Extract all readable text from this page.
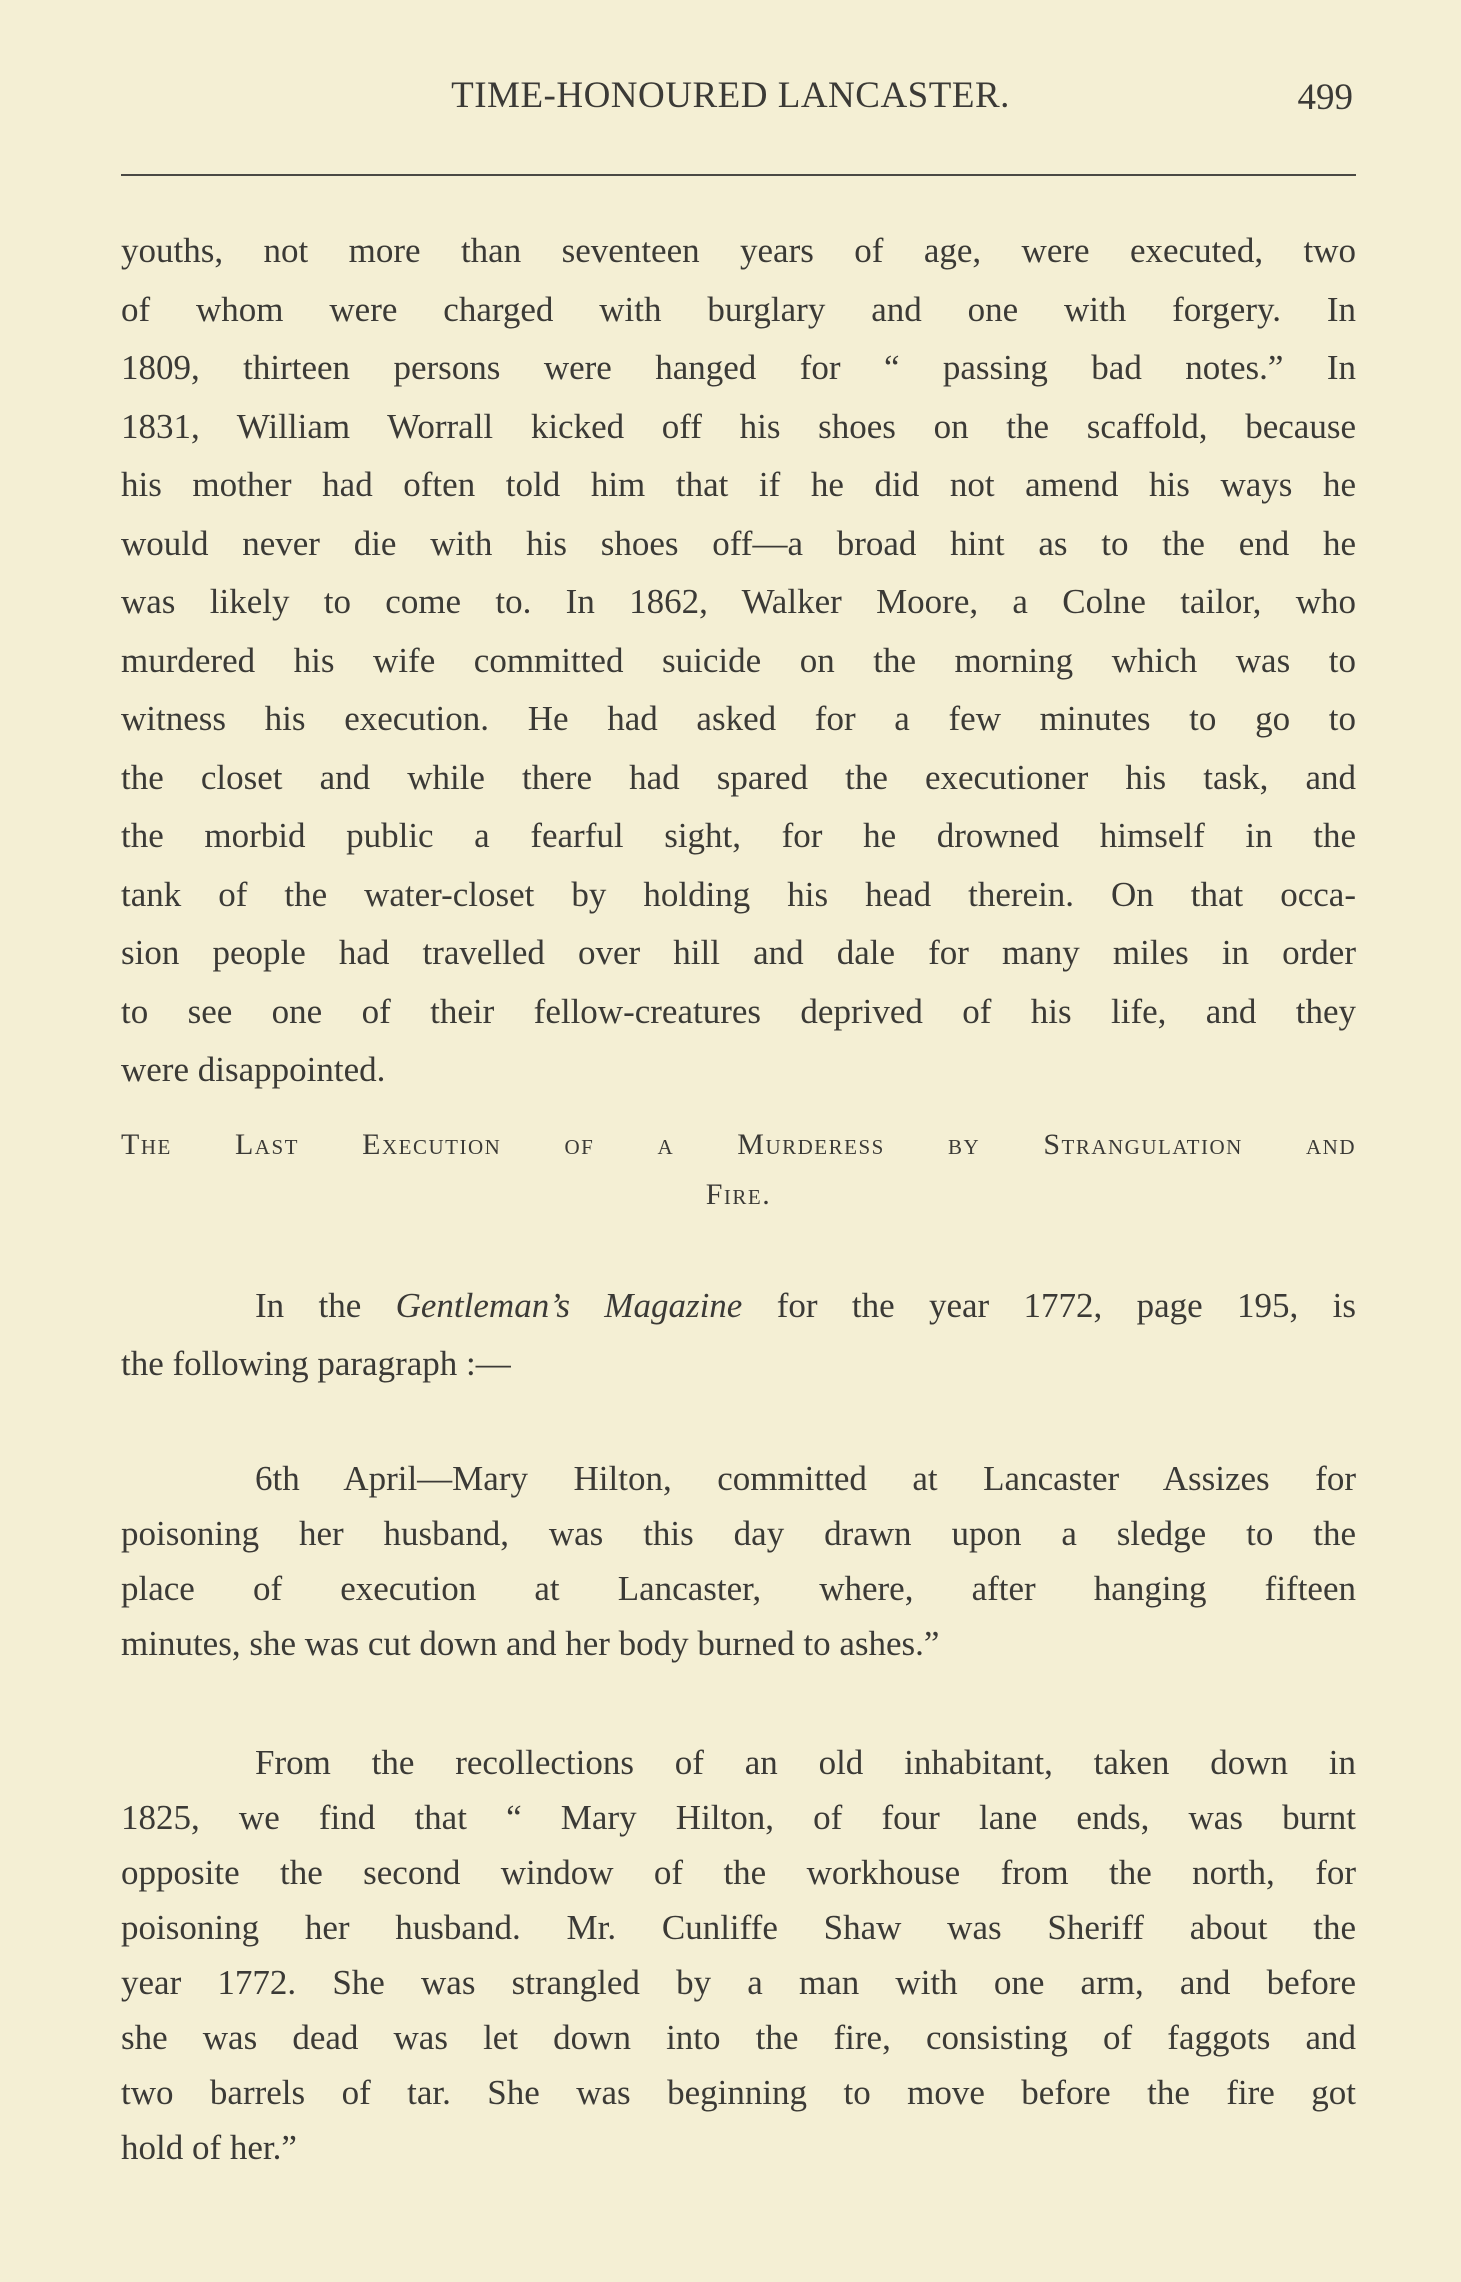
TIME-HONOURED LANCASTER.	499
youths, not more than seventeen years of age, were executed, two
of whom were charged with burglary and one with forgery. In
1809, thirteen persons were hanged for “ passing bad notes.” In
1831, William Worrall kicked off his shoes on the scaffold, because
his mother had often told him that if he did not amend his ways he
would never die with his shoes off—a broad hint as to the end he
was likely to come to. In 1862, Walker Moore, a Colne tailor, who
murdered his wife committed suicide on the morning which was to
witness his execution. He had asked for a few minutes to go to
the closet and while there had spared the executioner his task, and
the morbid public a fearful sight, for he drowned himself in the
tank of the water-closet by holding his head therein. On that occa-
sion people had travelled over hill and dale for many miles in order
to see one of their fellow-creatures deprived of his life, and they
were disappointed.
The Last Execution of a Murderess by Strangulation and
Fire.
In the Gentleman’s Magazine for the year 1772, page 195, is
the following paragraph :—
6th April—Mary Hilton, committed at Lancaster Assizes for
poisoning her husband, was this day drawn upon a sledge to the
place of execution at Lancaster, where, after hanging fifteen
minutes, she was cut down and her body burned to ashes.”
From the recollections of an old inhabitant, taken down in
1825, we find that “ Mary Hilton, of four lane ends, was burnt
opposite the second window of the workhouse from the north, for
poisoning her husband. Mr. Cunliffe Shaw was Sheriff about the
year 1772. She was strangled by a man with one arm, and before
she was dead was let down into the fire, consisting of faggots and
two barrels of tar. She was beginning to move before the fire got
hold of her.”
